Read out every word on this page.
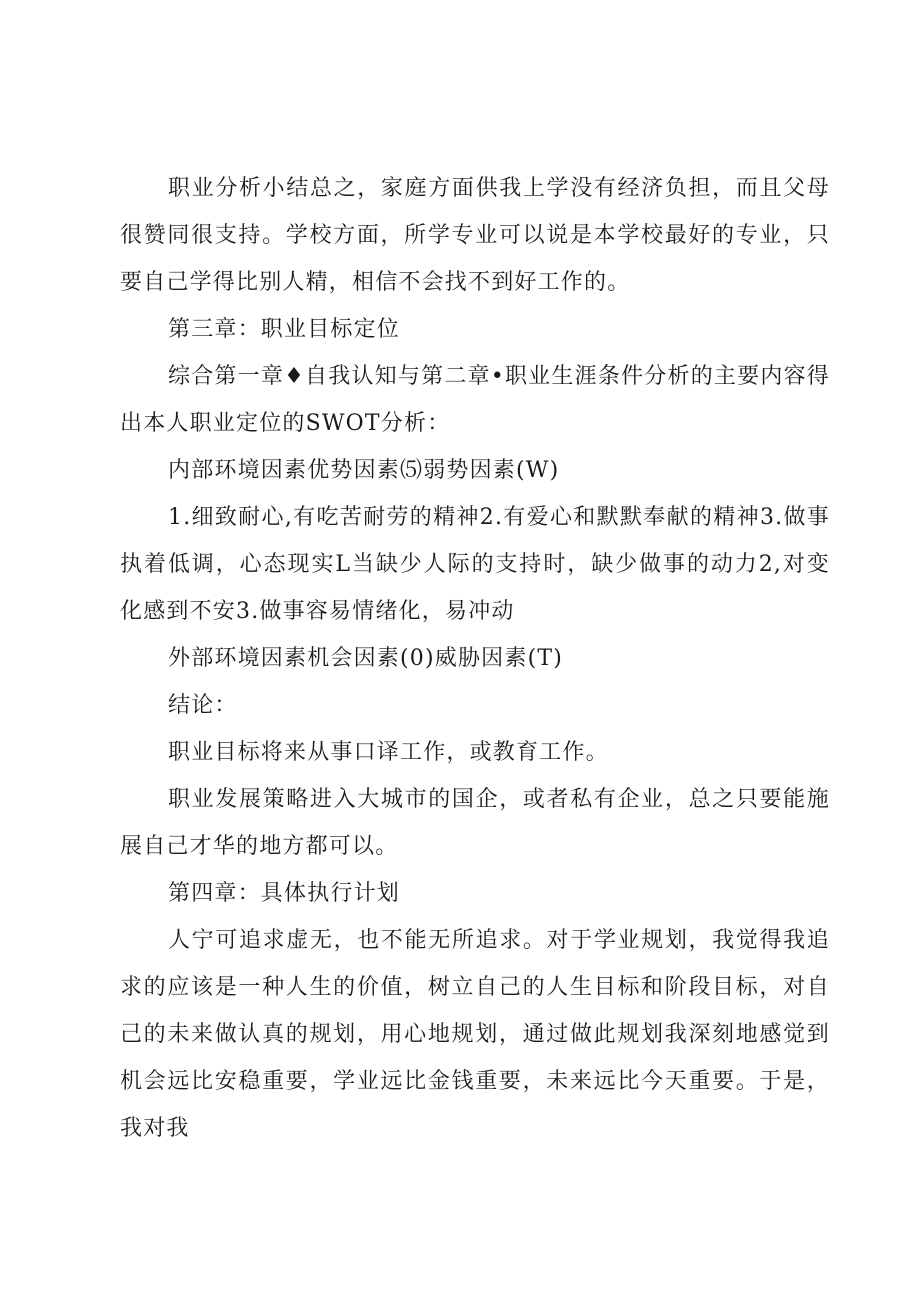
职业分析小结总之，家庭方面供我上学没有经济负担，而且父母很赞同很支持。学校方面，所学专业可以说是本学校最好的专业，只要自己学得比别人精，相信不会找不到好工作的。

第三章：职业目标定位

综合第一章♦自我认知与第二章•职业生涯条件分析的主要内容得出本人职业定位的SWOT分析：

内部环境因素优势因素⑸弱势因素(W)

1.细致耐心,有吃苦耐劳的精神2.有爱心和默默奉献的精神3.做事执着低调，心态现实L当缺少人际的支持时，缺少做事的动力2,对变化感到不安3.做事容易情绪化，易冲动

外部环境因素机会因素(0)威胁因素(T)

结论：

职业目标将来从事口译工作，或教育工作。

职业发展策略进入大城市的国企，或者私有企业，总之只要能施展自己才华的地方都可以。

第四章：具体执行计划

人宁可追求虚无，也不能无所追求。对于学业规划，我觉得我追求的应该是一种人生的价值，树立自己的人生目标和阶段目标，对自己的未来做认真的规划，用心地规划，通过做此规划我深刻地感觉到机会远比安稳重要，学业远比金钱重要，未来远比今天重要。于是，我对我
